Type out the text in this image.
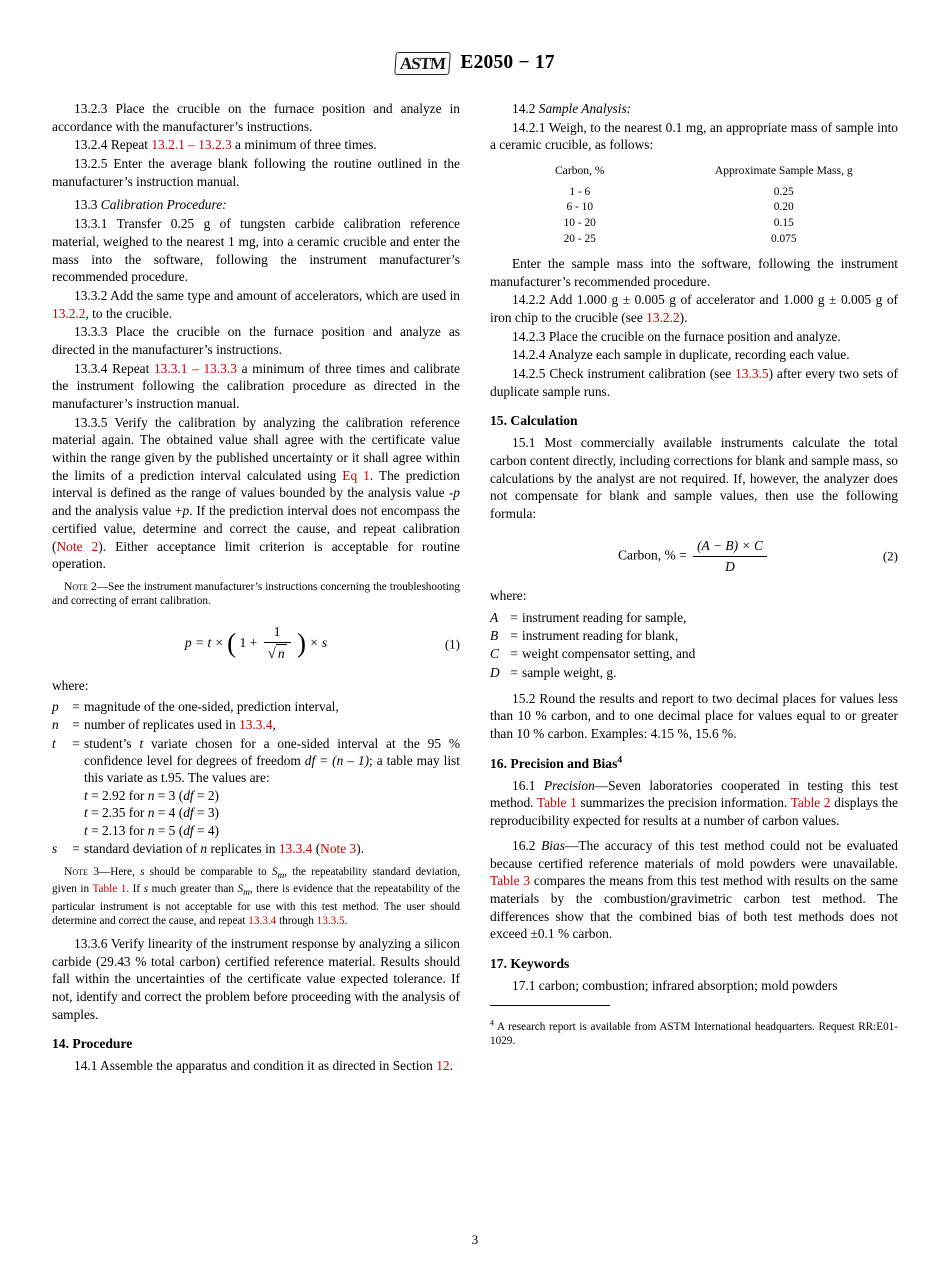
ASTM E2050 − 17

13.2.3 Place the crucible on the furnace position and analyze in accordance with the manufacturer’s instructions.

13.2.4 Repeat 13.2.1 – 13.2.3 a minimum of three times.

13.2.5 Enter the average blank following the routine outlined in the manufacturer’s instruction manual.

13.3 Calibration Procedure:

13.3.1 Transfer 0.25 g of tungsten carbide calibration reference material, weighed to the nearest 1 mg, into a ceramic crucible and enter the mass into the software, following the instrument manufacturer’s recommended procedure.

13.3.2 Add the same type and amount of accelerators, which are used in 13.2.2, to the crucible.

13.3.3 Place the crucible on the furnace position and analyze as directed in the manufacturer’s instructions.

13.3.4 Repeat 13.3.1 – 13.3.3 a minimum of three times and calibrate the instrument following the calibration procedure as directed in the manufacturer’s instruction manual.

13.3.5 Verify the calibration by analyzing the calibration reference material again. The obtained value shall agree with the certificate value within the range given by the published uncertainty or it shall agree within the limits of a prediction interval calculated using Eq 1. The prediction interval is defined as the range of values bounded by the analysis value -p and the analysis value +p. If the prediction interval does not encompass the certified value, determine and correct the cause, and repeat calibration (Note 2). Either acceptance limit criterion is acceptable for routine operation.

Note 2—See the instrument manufacturer’s instructions concerning the troubleshooting and correcting of errant calibration.

p = t × ( $1 + \frac{1}{√ n}$ ) × s	(1)

where:

p	=	magnitude of the one-sided, prediction interval,
n	=	number of replicates used in 13.3.4,
t	=	student’s t variate chosen for a one-sided interval at the 95 % confidence level for degrees of freedom df = (n – 1); a table may list this variate as t.95. The values are:
t = 2.92 for n = 3 (df = 2)
t = 2.35 for n = 4 (df = 3)
t = 2.13 for n = 5 (df = 4)

s	=	standard deviation of n replicates in 13.3.4 (Note 3).

Note 3—Here, s should be comparable to $S_m$, the repeatability standard deviation, given in Table 1. If s much greater than $S_m$, there is evidence that the repeatability of the particular instrument is not acceptable for use with this test method. The user should determine and correct the cause, and repeat 13.3.4 through 13.3.5.

13.3.6 Verify linearity of the instrument response by analyzing a silicon carbide (29.43 % total carbon) certified reference material. Results should fall within the uncertainties of the certificate value expected tolerance. If not, identify and correct the problem before proceeding with the analysis of samples.

14. Procedure

14.1 Assemble the apparatus and condition it as directed in Section 12.

14.2 Sample Analysis:

14.2.1 Weigh, to the nearest 0.1 mg, an appropriate mass of sample into a ceramic crucible, as follows:

Carbon, %	Approximate Sample Mass, g
1 - 6	0.25
6 - 10	0.20
10 - 20	0.15
20 - 25	0.075

Enter the sample mass into the software, following the instrument manufacturer’s recommended procedure.

14.2.2 Add 1.000 g ± 0.005 g of accelerator and 1.000 g ± 0.005 g of iron chip to the crucible (see 13.2.2).

14.2.3 Place the crucible on the furnace position and analyze.

14.2.4 Analyze each sample in duplicate, recording each value.

14.2.5 Check instrument calibration (see 13.3.5) after every two sets of duplicate sample runs.

15. Calculation

15.1 Most commercially available instruments calculate the total carbon content directly, including corrections for blank and sample mass, so calculations by the analyst are not required. If, however, the analyzer does not compensate for blank and sample values, then use the following formula:

Carbon, % = $\frac{(A - B) \times C}{D}$	(2)

where:

A	=	instrument reading for sample,
B	=	instrument reading for blank,
C	=	weight compensator setting, and
D	=	sample weight, g.

15.2 Round the results and report to two decimal places for values less than 10 % carbon, and to one decimal place for values equal to or greater than 10 % carbon. Examples: 4.15 %, 15.6 %.

16. Precision and Bias$^4$

16.1 Precision—Seven laboratories cooperated in testing this test method. Table 1 summarizes the precision information. Table 2 displays the reproducibility expected for results at a number of carbon values.

16.2 Bias—The accuracy of this test method could not be evaluated because certified reference materials of mold powders were unavailable. Table 3 compares the means from this test method with results on the same materials by the combustion/gravimetric carbon test method. The differences show that the combined bias of both test methods does not exceed ±0.1 % carbon.

17. Keywords

17.1 carbon; combustion; infrared absorption; mold powders

$^4$ A research report is available from ASTM International headquarters. Request RR:E01-1029.

3
